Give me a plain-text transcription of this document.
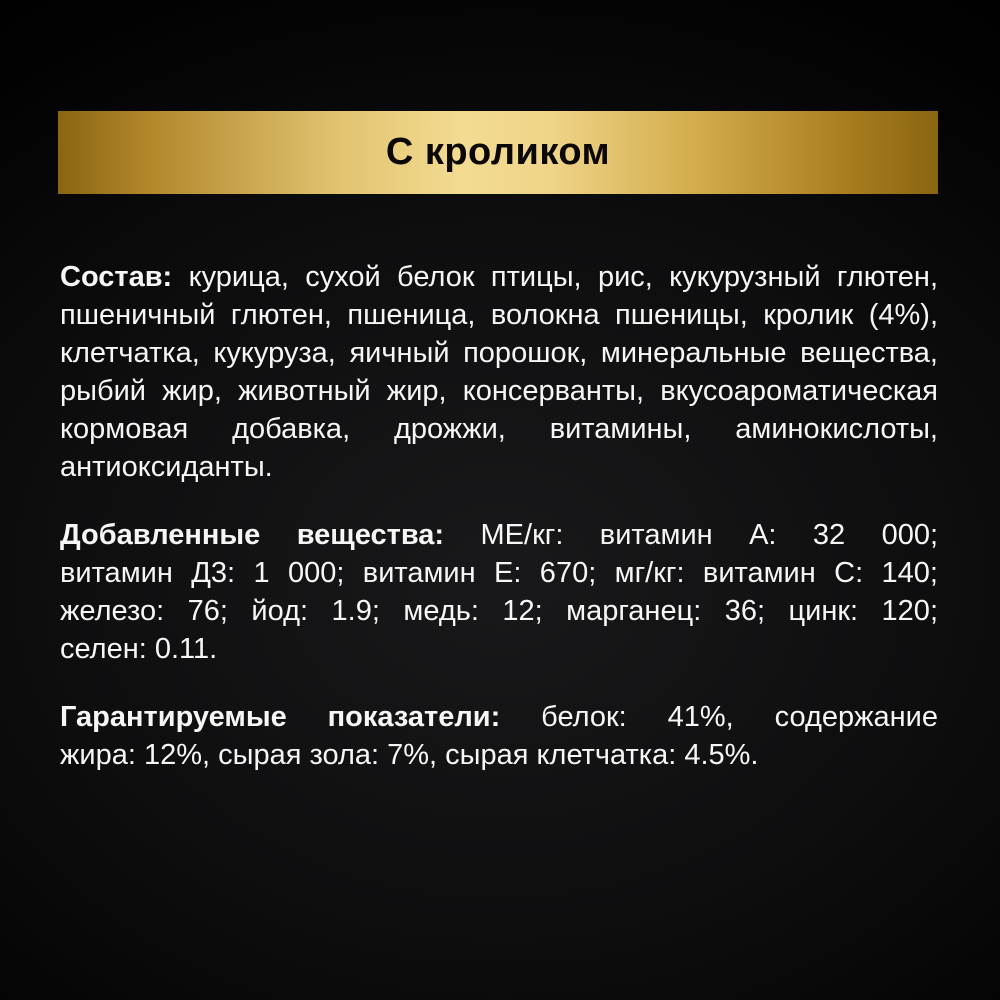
С кроликом
Состав: курица, сухой белок птицы, рис, кукурузный глютен,
пшеничный глютен, пшеница, волокна пшеницы, кролик (4%),
клетчатка, кукуруза, яичный порошок, минеральные вещества,
рыбий жир, животный жир, консерванты, вкусоароматическая
кормовая добавка, дрожжи, витамины, аминокислоты,
антиоксиданты.
Добавленные вещества: МЕ/кг: витамин А: 32 000;
витамин Д3: 1 000; витамин Е: 670; мг/кг: витамин С: 140;
железо: 76; йод: 1.9; медь: 12; марганец: 36; цинк: 120;
селен: 0.11.
Гарантируемые показатели: белок: 41%, содержание
жира: 12%, сырая зола: 7%, сырая клетчатка: 4.5%.
